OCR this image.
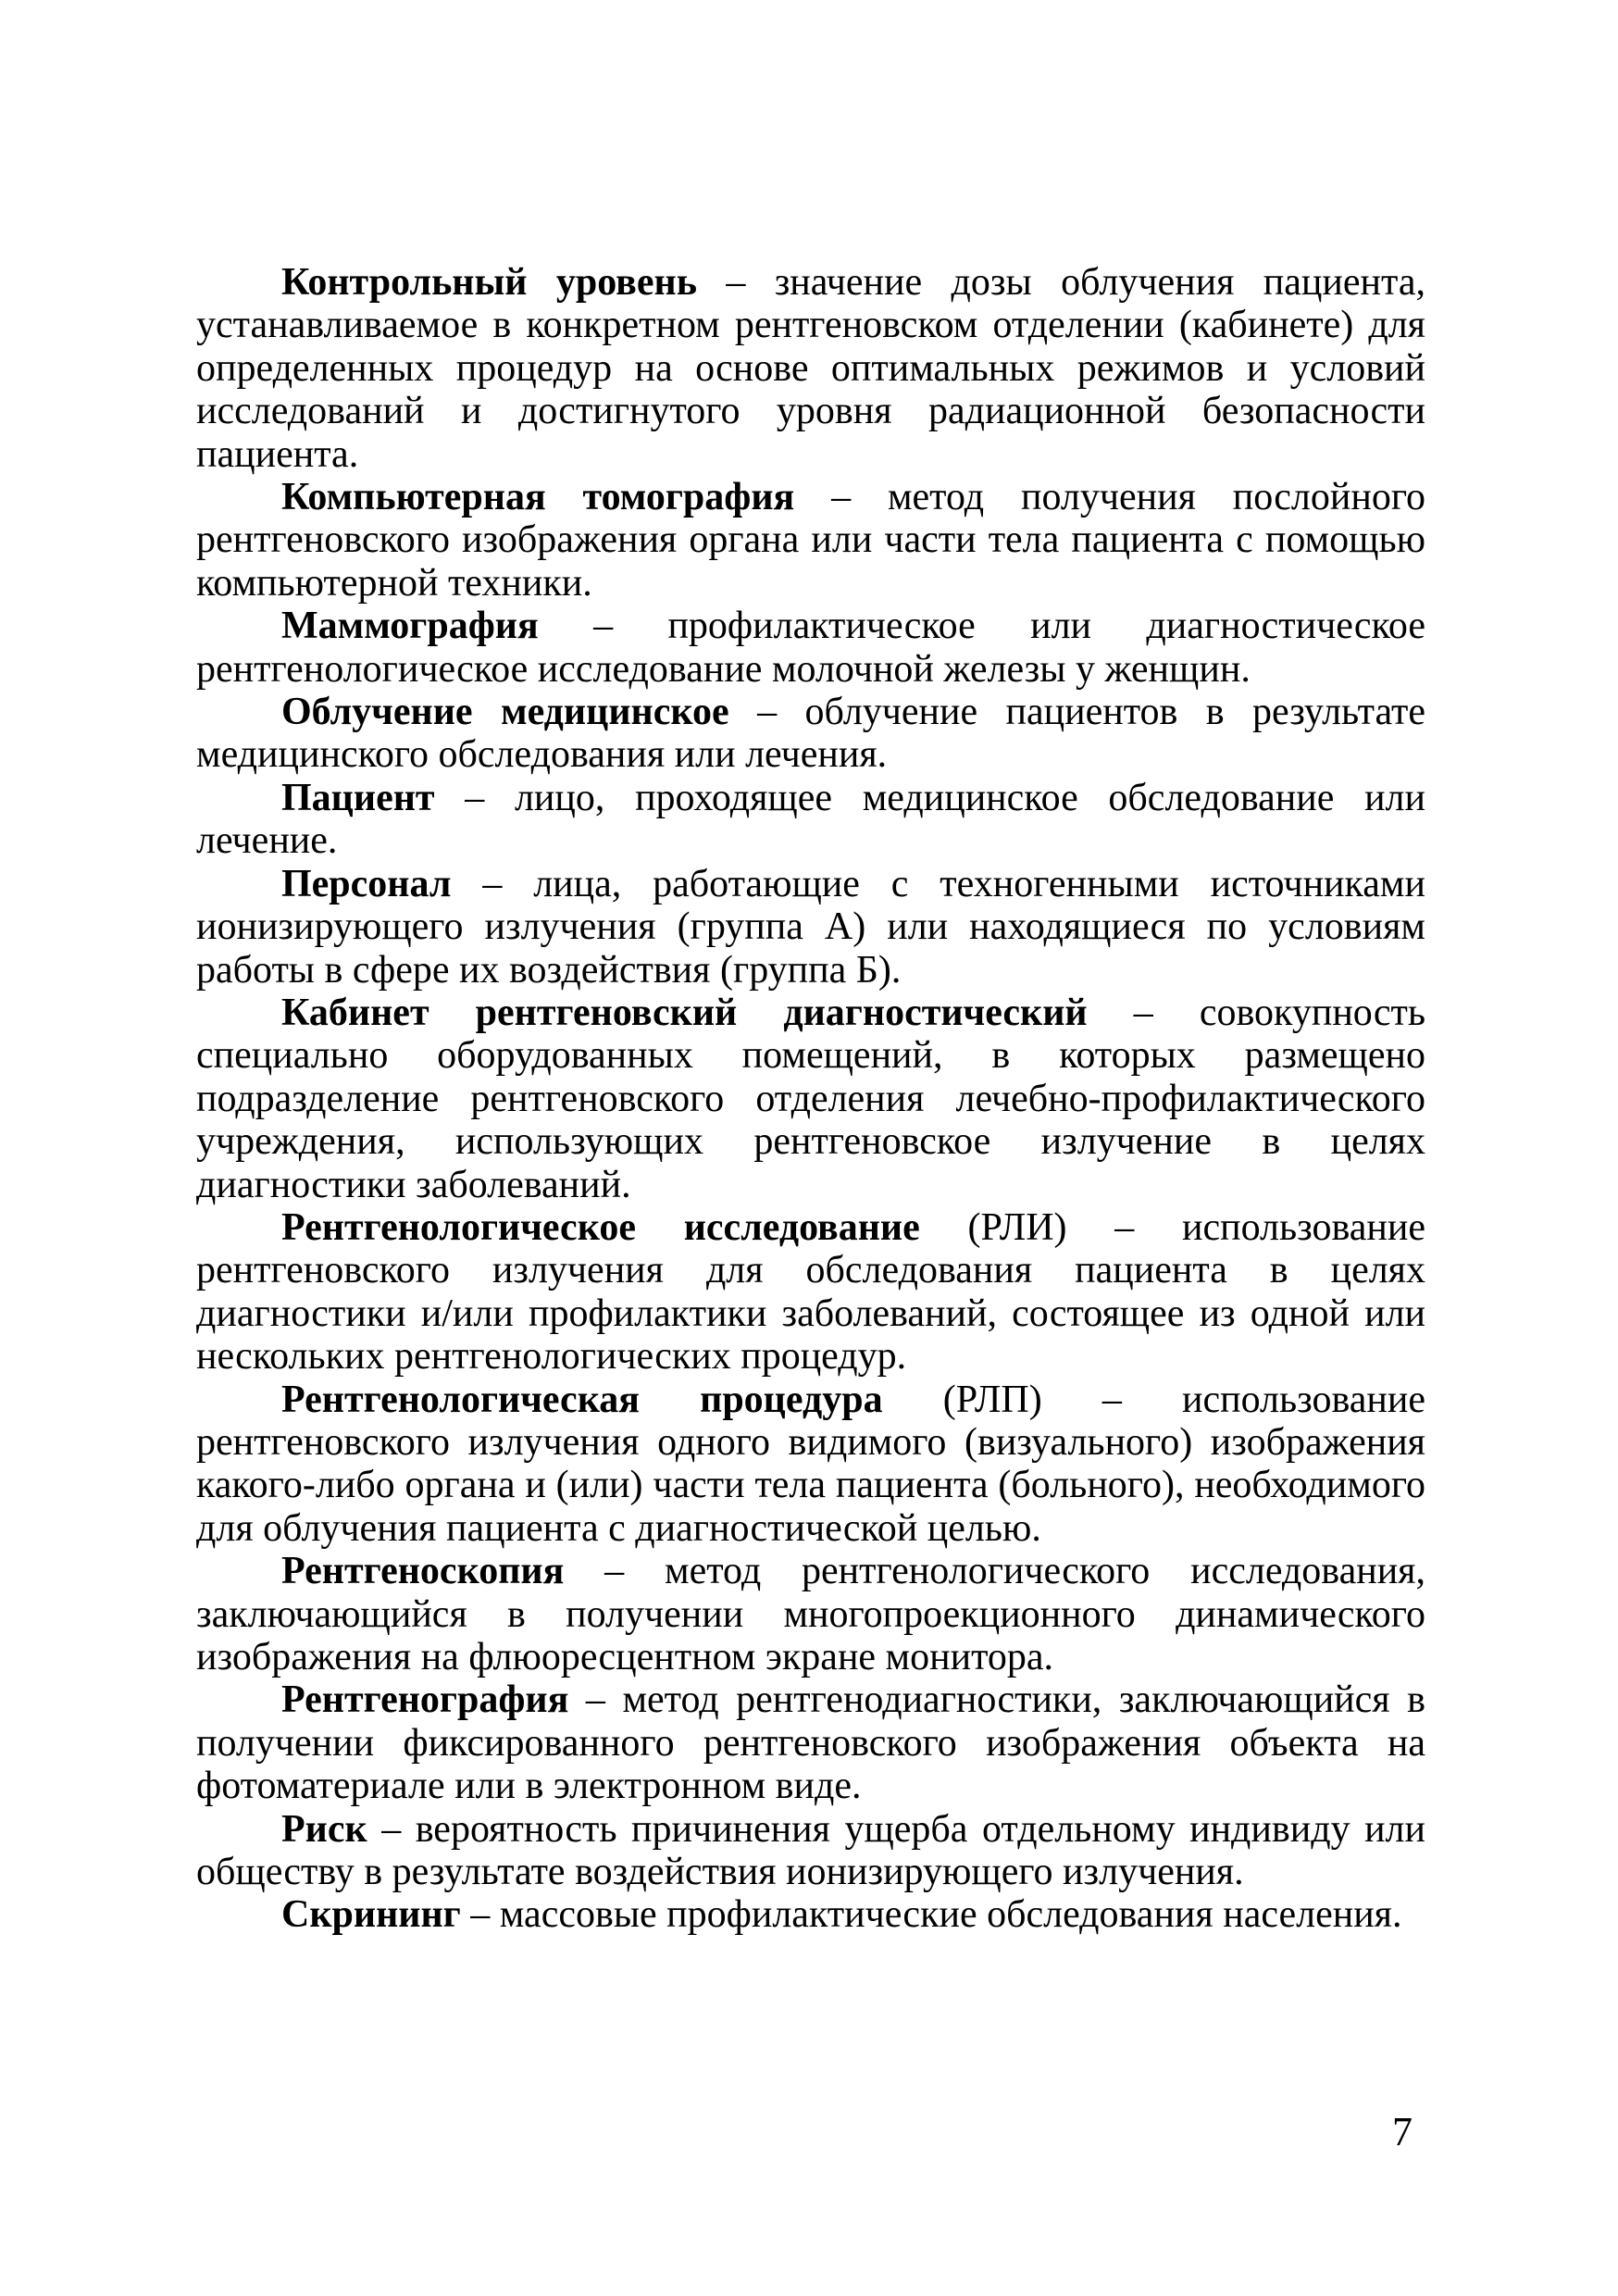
Контрольный уровень – значение дозы облучения пациента, устанавливаемое в конкретном рентгеновском отделении (кабинете) для определенных процедур на основе оптимальных режимов и условий исследований и достигнутого уровня радиационной безопасности пациента.

Компьютерная томография – метод получения послойного рентгеновского изображения органа или части тела пациента с помощью компьютерной техники.

Маммография – профилактическое или диагностическое рентгенологическое исследование молочной железы у женщин.

Облучение медицинское – облучение пациентов в результате медицинского обследования или лечения.

Пациент – лицо, проходящее медицинское обследование или лечение.

Персонал – лица, работающие с техногенными источниками ионизирующего излучения (группа А) или находящиеся по условиям работы в сфере их воздействия (группа Б).

Кабинет рентгеновский диагностический – совокупность специально оборудованных помещений, в которых размещено подразделение рентгеновского отделения лечебно-профилактического учреждения, использующих рентгеновское излучение в целях диагностики заболеваний.

Рентгенологическое исследование (РЛИ) – использование рентгеновского излучения для обследования пациента в целях диагностики и/или профилактики заболеваний, состоящее из одной или нескольких рентгенологических процедур.

Рентгенологическая процедура (РЛП) – использование рентгеновского излучения одного видимого (визуального) изображения какого-либо органа и (или) части тела пациента (больного), необходимого для облучения пациента с диагностической целью.

Рентгеноскопия – метод рентгенологического исследования, заключающийся в получении многопроекционного динамического изображения на флюоресцентном экране монитора.

Рентгенография – метод рентгенодиагностики, заключающийся в получении фиксированного рентгеновского изображения объекта на фотоматериале или в электронном виде.

Риск – вероятность причинения ущерба отдельному индивиду или обществу в результате воздействия ионизирующего излучения.

Скрининг – массовые профилактические обследования населения.

7
